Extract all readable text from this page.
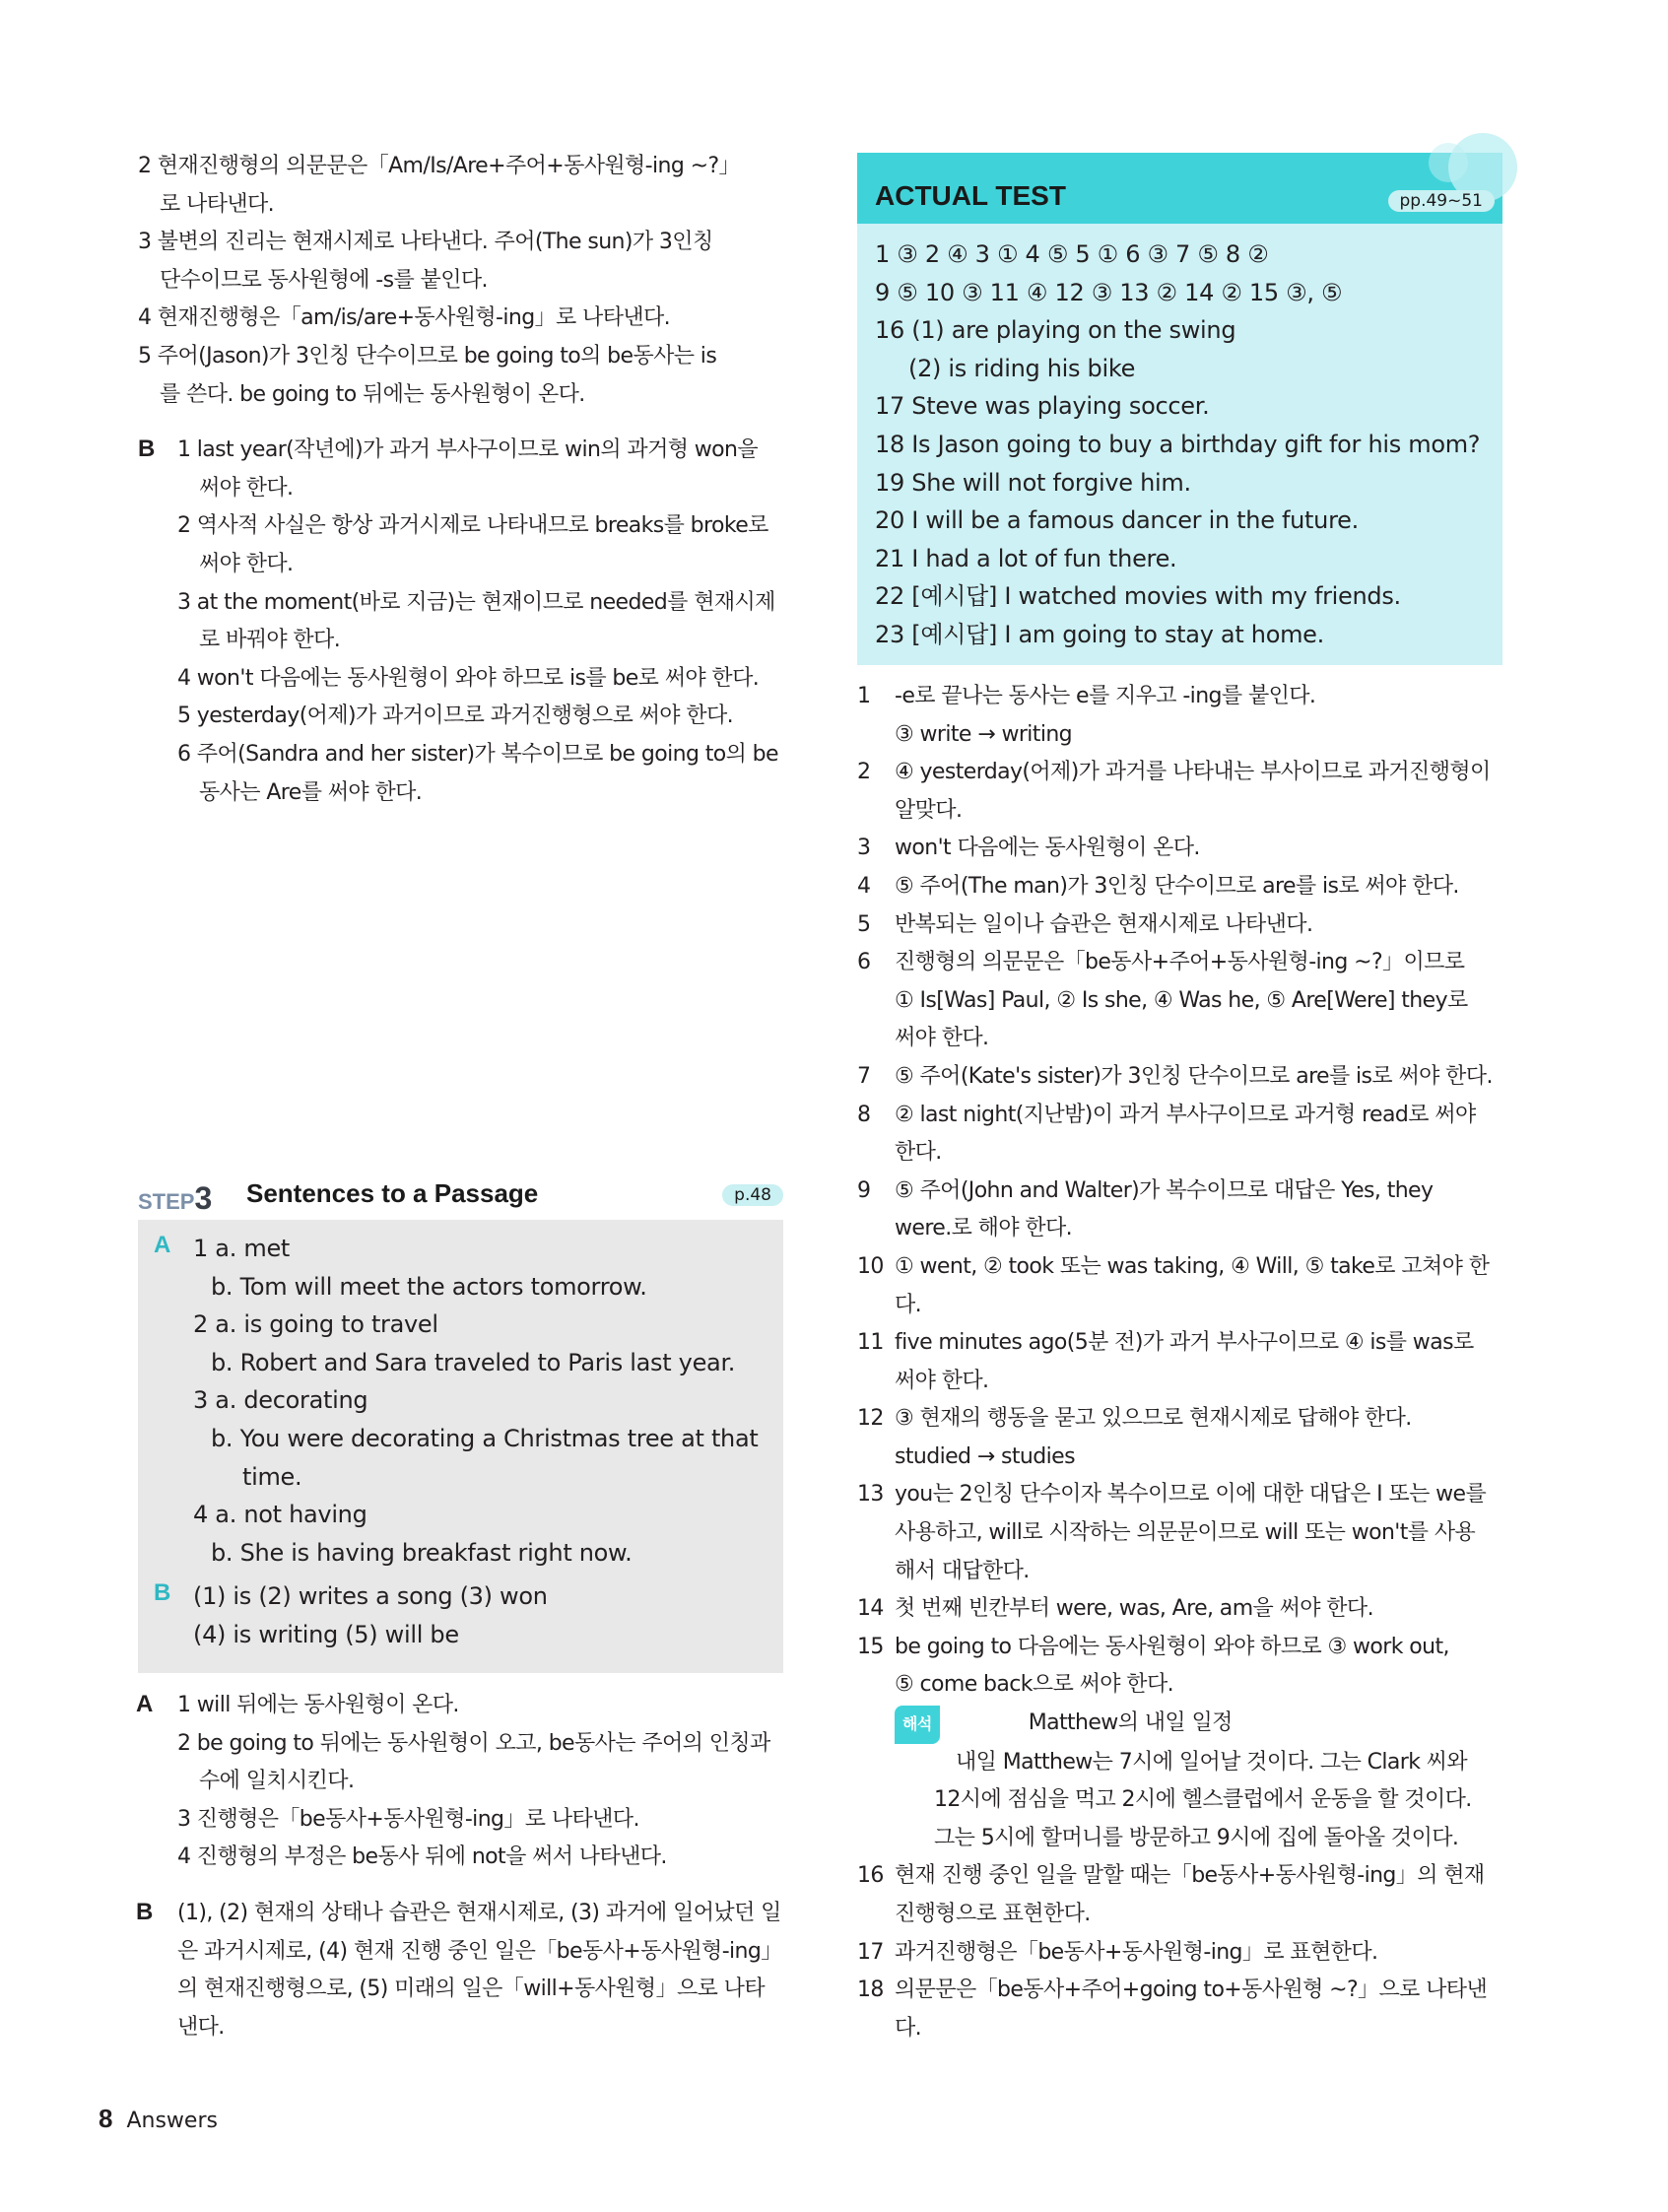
2 현재진행형의 의문문은「Am/Is/Are+주어+동사원형-ing ~?」
로 나타낸다.
3 불변의 진리는 현재시제로 나타낸다. 주어(The sun)가 3인칭
단수이므로 동사원형에 -s를 붙인다.
4 현재진행형은「am/is/are+동사원형-ing」로 나타낸다.
5 주어(Jason)가 3인칭 단수이므로 be going to의 be동사는 is
를 쓴다. be going to 뒤에는 동사원형이 온다.
B 1 last year(작년에)가 과거 부사구이므로 win의 과거형 won을
써야 한다.
2 역사적 사실은 항상 과거시제로 나타내므로 breaks를 broke로
써야 한다.
3 at the moment(바로 지금)는 현재이므로 needed를 현재시제
로 바꿔야 한다.
4 won't 다음에는 동사원형이 와야 하므로 is를 be로 써야 한다.
5 yesterday(어제)가 과거이므로 과거진행형으로 써야 한다.
6 주어(Sandra and her sister)가 복수이므로 be going to의 be
동사는 Are를 써야 한다.
STEP3 Sentences to a Passage	p.48
A 1 a. met
b. Tom will meet the actors tomorrow.
2 a. is going to travel
b. Robert and Sara traveled to Paris last year.
3 a. decorating
b. You were decorating a Christmas tree at that
time.
4 a. not having
b. She is having breakfast right now.
B (1) is (2) writes a song (3) won
(4) is writing (5) will be
A 1 will 뒤에는 동사원형이 온다.
2 be going to 뒤에는 동사원형이 오고, be동사는 주어의 인칭과
수에 일치시킨다.
3 진행형은「be동사+동사원형-ing」로 나타낸다.
4 진행형의 부정은 be동사 뒤에 not을 써서 나타낸다.
B (1), (2) 현재의 상태나 습관은 현재시제로, (3) 과거에 일어났던 일
은 과거시제로, (4) 현재 진행 중인 일은「be동사+동사원형-ing」
의 현재진행형으로, (5) 미래의 일은「will+동사원형」으로 나타
낸다.
ACTUAL TEST	pp.49~51
1 ③ 2 ④ 3 ① 4 ⑤ 5 ① 6 ③ 7 ⑤ 8 ②
9 ⑤ 10 ③ 11 ④ 12 ③ 13 ② 14 ② 15 ③, ⑤
16 (1) are playing on the swing
(2) is riding his bike
17 Steve was playing soccer.
18 Is Jason going to buy a birthday gift for his mom?
19 She will not forgive him.
20 I will be a famous dancer in the future.
21 I had a lot of fun there.
22 [예시답] I watched movies with my friends.
23 [예시답] I am going to stay at home.
1 -e로 끝나는 동사는 e를 지우고 -ing를 붙인다.
③ write → writing
2 ④ yesterday(어제)가 과거를 나타내는 부사이므로 과거진행형이
알맞다.
3 won't 다음에는 동사원형이 온다.
4 ⑤ 주어(The man)가 3인칭 단수이므로 are를 is로 써야 한다.
5 반복되는 일이나 습관은 현재시제로 나타낸다.
6 진행형의 의문문은「be동사+주어+동사원형-ing ~?」이므로
① Is[Was] Paul, ② Is she, ④ Was he, ⑤ Are[Were] they로
써야 한다.
7 ⑤ 주어(Kate's sister)가 3인칭 단수이므로 are를 is로 써야 한다.
8 ② last night(지난밤)이 과거 부사구이므로 과거형 read로 써야
한다.
9 ⑤ 주어(John and Walter)가 복수이므로 대답은 Yes, they
were.로 해야 한다.
10 ① went, ② took 또는 was taking, ④ Will, ⑤ take로 고쳐야 한
다.
11 five minutes ago(5분 전)가 과거 부사구이므로 ④ is를 was로
써야 한다.
12 ③ 현재의 행동을 묻고 있으므로 현재시제로 답해야 한다.
studied → studies
13 you는 2인칭 단수이자 복수이므로 이에 대한 대답은 I 또는 we를
사용하고, will로 시작하는 의문문이므로 will 또는 won't를 사용
해서 대답한다.
14 첫 번째 빈칸부터 were, was, Are, am을 써야 한다.
15 be going to 다음에는 동사원형이 와야 하므로 ③ work out,
⑤ come back으로 써야 한다.
해석	Matthew의 내일 일정
내일 Matthew는 7시에 일어날 것이다. 그는 Clark 씨와
12시에 점심을 먹고 2시에 헬스클럽에서 운동을 할 것이다.
그는 5시에 할머니를 방문하고 9시에 집에 돌아올 것이다.
16 현재 진행 중인 일을 말할 때는「be동사+동사원형-ing」의 현재
진행형으로 표현한다.
17 과거진행형은「be동사+동사원형-ing」로 표현한다.
18 의문문은「be동사+주어+going to+동사원형 ~?」으로 나타낸
다.
8 Answers
